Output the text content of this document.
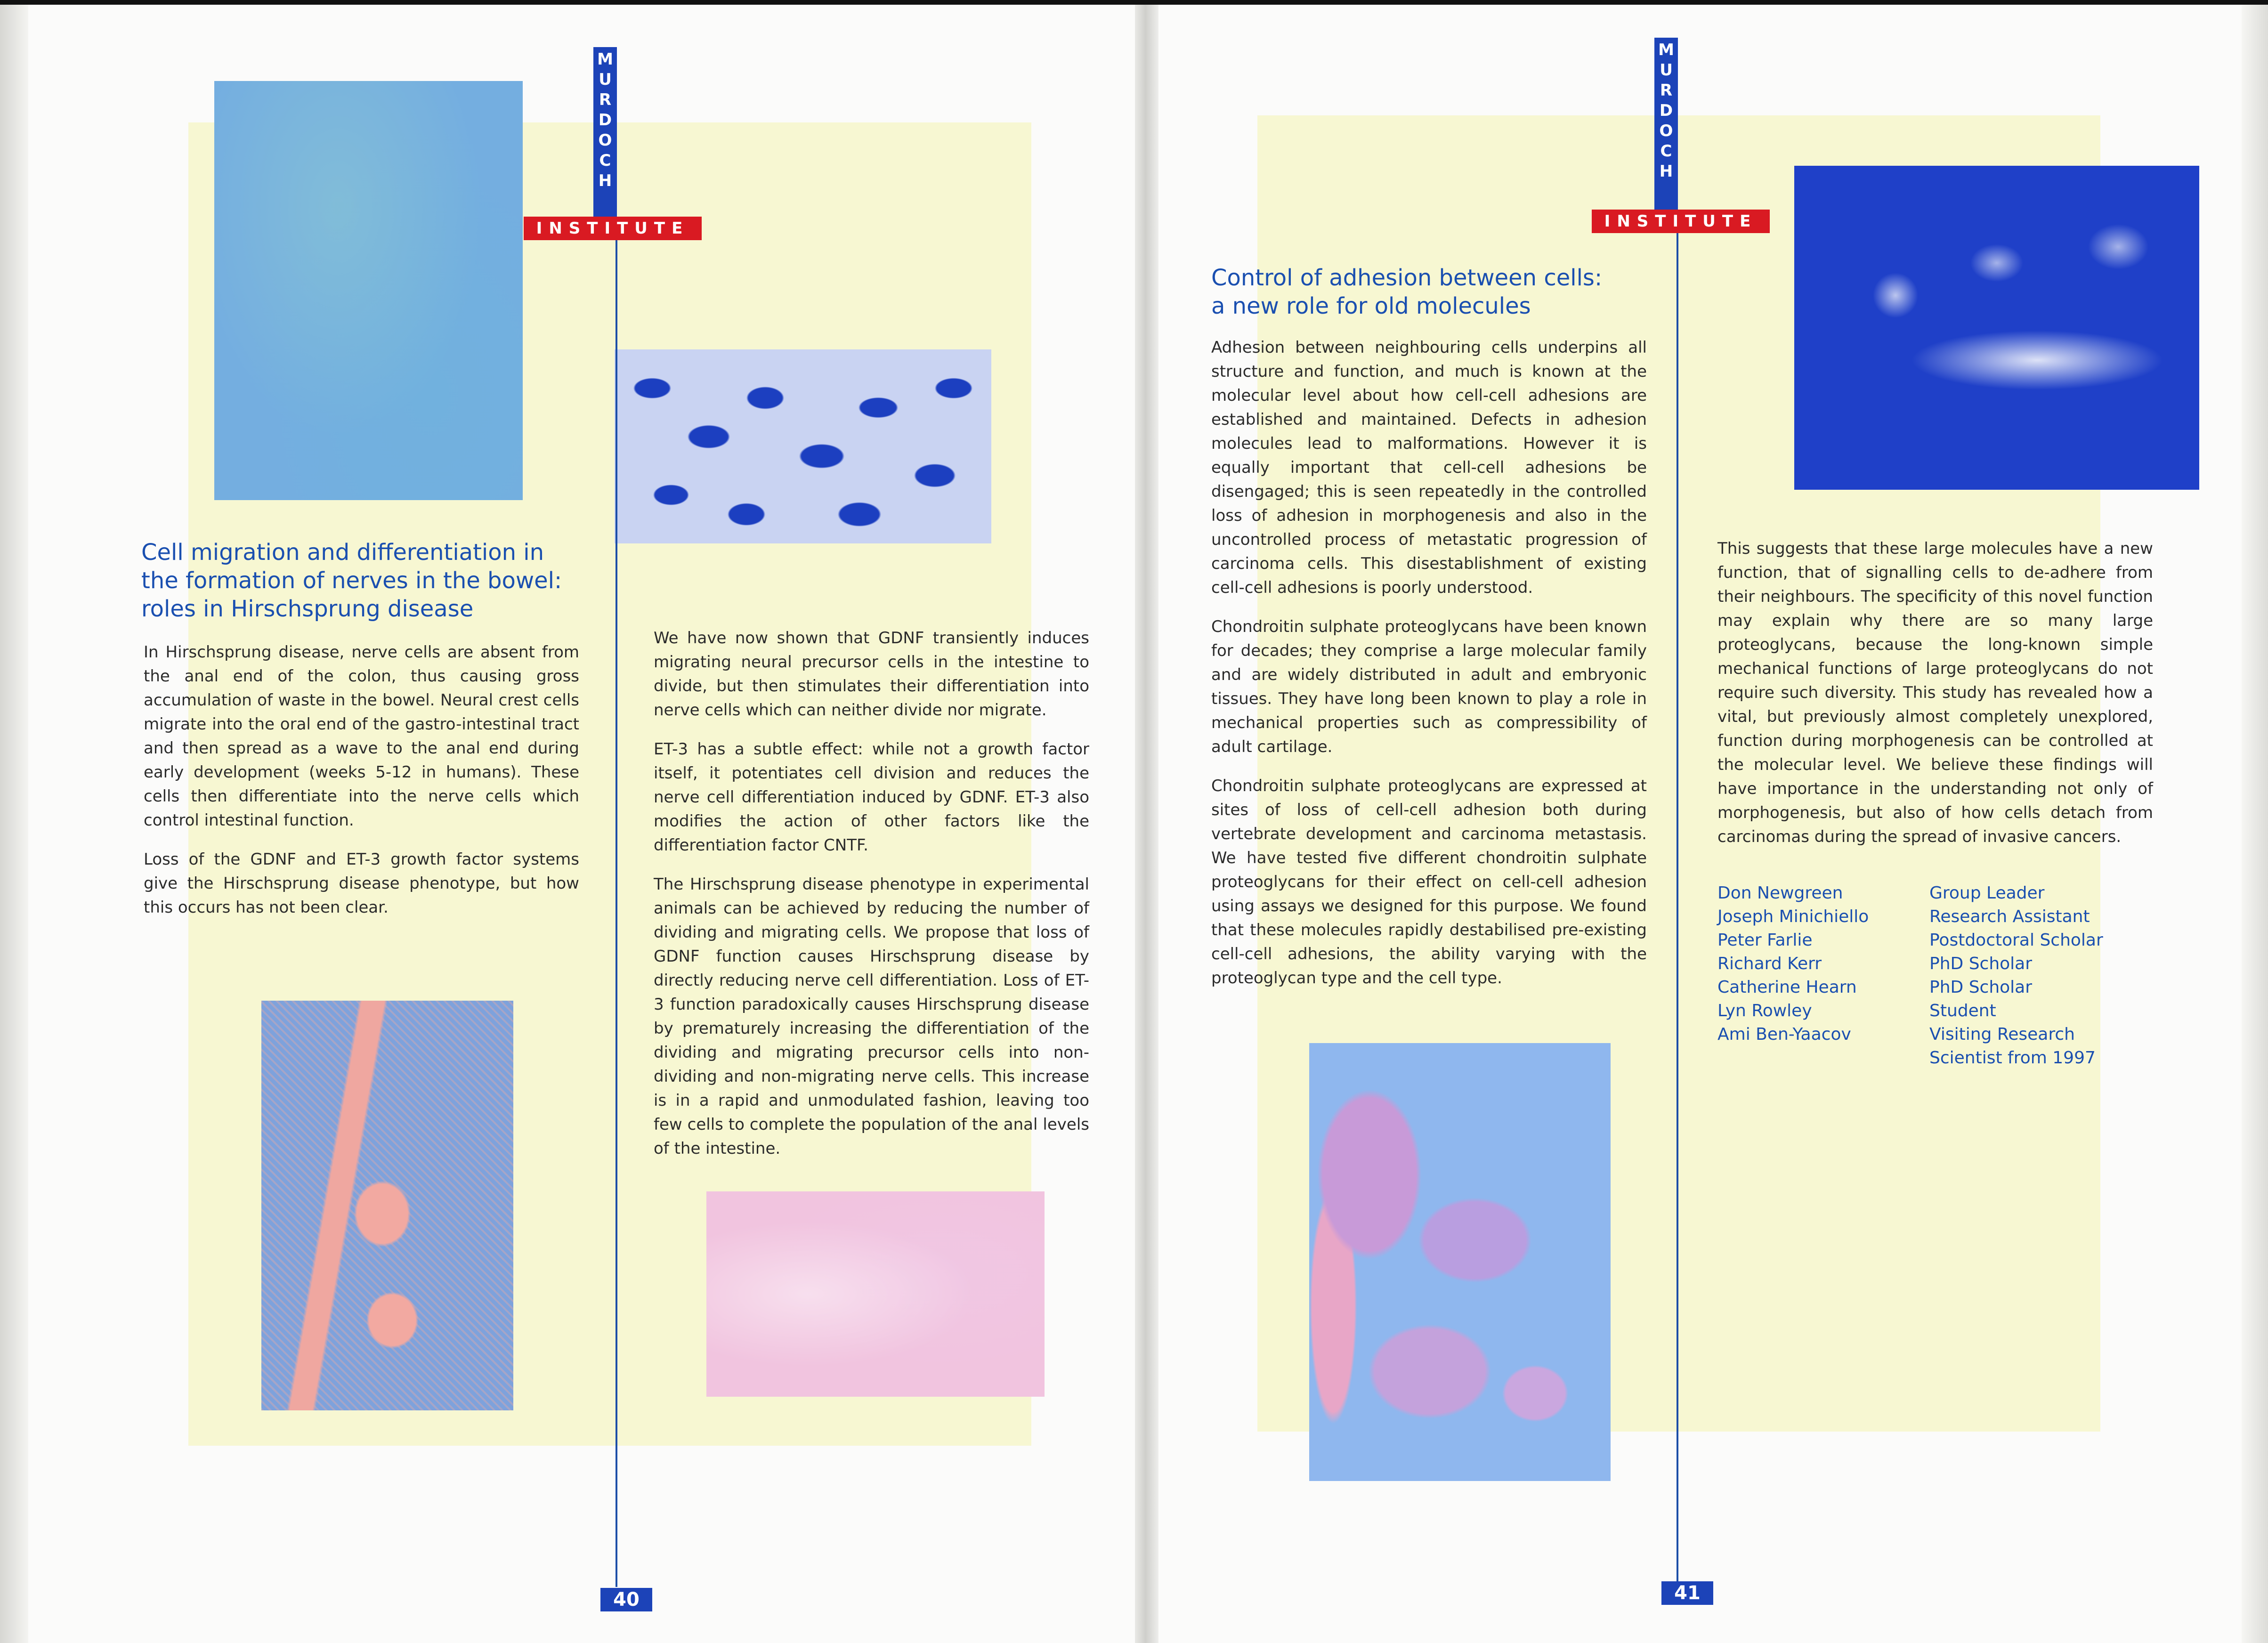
M
U
R
D
O
C
H
INSTITUTE
Cell migration and differentiation in
the formation of nerves in the bowel:
roles in Hirschsprung disease

In Hirschsprung disease, nerve cells are absent from the anal end of the colon, thus causing gross accumulation of waste in the bowel. Neural crest cells migrate into the oral end of the gastro-intestinal tract and then spread as a wave to the anal end during early development (weeks 5-12 in humans). These cells then differentiate into the nerve cells which control intestinal function.

Loss of the GDNF and ET-3 growth factor systems give the Hirschsprung disease phenotype, but how this occurs has not been clear.

We have now shown that GDNF transiently induces migrating neural precursor cells in the intestine to divide, but then stimulates their differentiation into nerve cells which can neither divide nor migrate.

ET-3 has a subtle effect: while not a growth factor itself, it potentiates cell division and reduces the nerve cell differentiation induced by GDNF. ET-3 also modifies the action of other factors like the differentiation factor CNTF.

The Hirschsprung disease phenotype in experimental animals can be achieved by reducing the number of dividing and migrating cells. We propose that loss of GDNF function causes Hirschsprung disease by directly reducing nerve cell differentiation. Loss of ET-3 function paradoxically causes Hirschsprung disease by prematurely increasing the differentiation of the dividing and migrating precursor cells into non-dividing and non-migrating nerve cells. This increase is in a rapid and unmodulated fashion, leaving too few cells to complete the population of the anal levels of the intestine.

40
M
U
R
D
O
C
H
INSTITUTE
Control of adhesion between cells:
a new role for old molecules

Adhesion between neighbouring cells underpins all structure and function, and much is known at the molecular level about how cell-cell adhesions are established and maintained. Defects in adhesion molecules lead to malformations. However it is equally important that cell-cell adhesions be disengaged; this is seen repeatedly in the controlled loss of adhesion in morphogenesis and also in the uncontrolled process of metastatic progression of carcinoma cells. This disestablishment of existing cell-cell adhesions is poorly understood.

Chondroitin sulphate proteoglycans have been known for decades; they comprise a large molecular family and are widely distributed in adult and embryonic tissues. They have long been known to play a role in mechanical properties such as compressibility of adult cartilage.

Chondroitin sulphate proteoglycans are expressed at sites of loss of cell-cell adhesion both during vertebrate development and carcinoma metastasis. We have tested five different chondroitin sulphate proteoglycans for their effect on cell-cell adhesion using assays we designed for this purpose. We found that these molecules rapidly destabilised pre-existing cell-cell adhesions, the ability varying with the proteoglycan type and the cell type.

This suggests that these large molecules have a new function, that of signalling cells to de-adhere from their neighbours. The specificity of this novel function may explain why there are so many large proteoglycans, because the long-known simple mechanical functions of large proteoglycans do not require such diversity. This study has revealed how a vital, but previously almost completely unexplored, function during morphogenesis can be controlled at the molecular level. We believe these findings will have importance in the understanding not only of morphogenesis, but also of how cells detach from carcinomas during the spread of invasive cancers.

Don Newgreen	Group Leader
Joseph Minichiello	Research Assistant
Peter Farlie	Postdoctoral Scholar
Richard Kerr	PhD Scholar
Catherine Hearn	PhD Scholar
Lyn Rowley	Student
Ami Ben-Yaacov	Visiting Research Scientist from 1997
41
